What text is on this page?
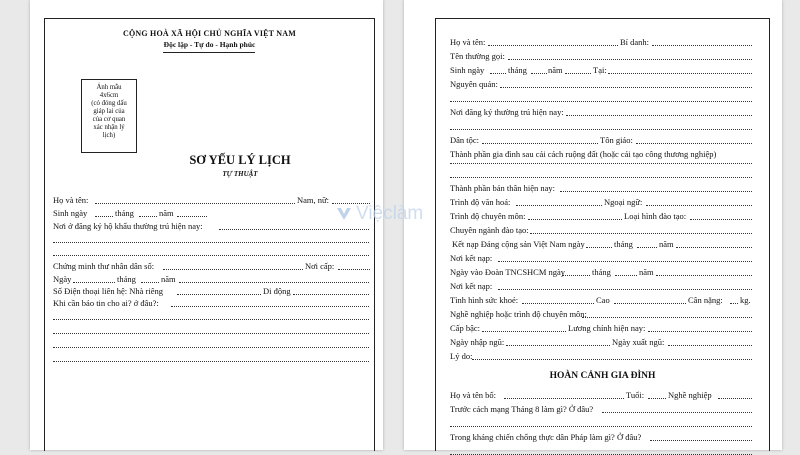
CỘNG HOÀ XÃ HỘI CHỦ NGHĨA VIỆT NAM
Độc lập - Tự do - Hạnh phúc
Ảnh mẫu
4x6cm
(có đóng dấu
giáp lai của
của cơ quan
xác nhận lý
lịch)
SƠ YẾU LÝ LỊCH
TỰ THUẬT
Họ và tên:	Nam, nữ:
Sinh ngày	tháng	năm
Nơi ở đăng ký hộ khẩu thường trú hiện nay:
Chứng minh thư nhân dân số:	Nơi cấp:
Ngày	tháng	năm
Số Điện thoại liên hệ: Nhà riêng	Di động
Khi cần báo tin cho ai? ở đâu?:
Họ và tên:	Bí danh:
Tên thường gọi:
Sinh ngày	tháng năm	Tại:
Nguyên quán:
Nơi đăng ký thường trú hiện nay:
Dân tộc:	Tôn giáo:
Thành phần gia đình sau cải cách ruộng đất (hoặc cải tạo công thương nghiệp)
Thành phần bản thân hiện nay:
Trình độ văn hoá:	Ngoại ngữ:
Trình độ chuyên môn:	Loại hình đào tạo:
Chuyên ngành đào tạo:
Kết nạp Đảng cộng sản Việt Nam ngày	tháng	năm
Nơi kết nạp:
Ngày vào Đoàn TNCSHCM ngày	tháng	năm
Nơi kết nạp:
Tình hình sức khoẻ:	Cao	Cân nặng: kg.
Nghề nghiệp hoặc trình độ chuyên môn:
Cấp bậc:	Lương chính hiện nay:
Ngày nhập ngũ:	Ngày xuất ngũ:
Lý do:
HOÀN CẢNH GIA ĐÌNH
Họ và tên bố:	Tuổi:	Nghề nghiệp
Trước cách mạng Tháng 8 làm gì? Ở đâu?
Trong kháng chiến chống thực dân Pháp làm gì? Ở đâu?
Việclàm
